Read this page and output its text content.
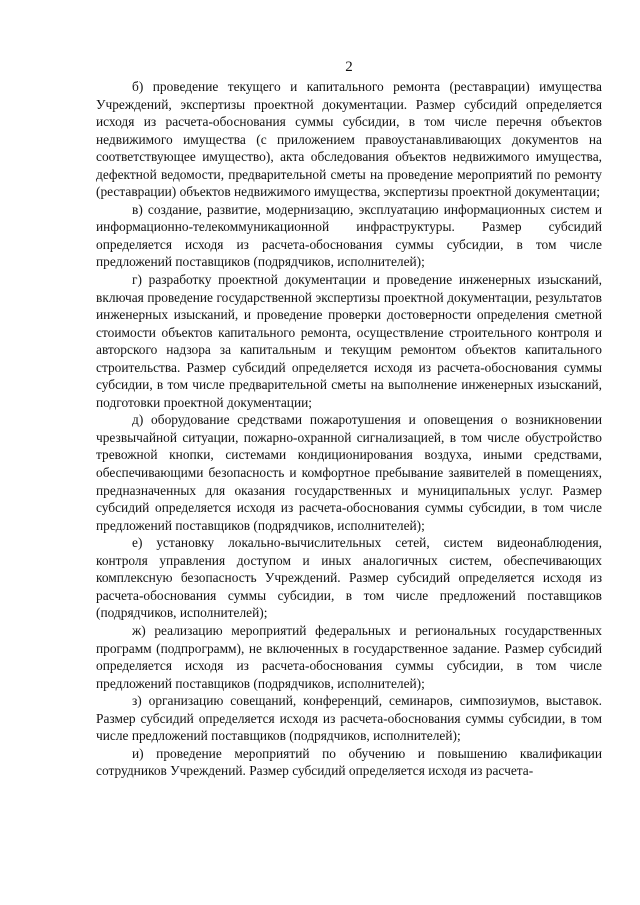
2

б) проведение текущего и капитального ремонта (реставрации) имущества Учреждений, экспертизы проектной документации. Размер субсидий определяется исходя из расчета-обоснования суммы субсидии, в том числе перечня объектов недвижимого имущества (с приложением правоустанавливающих документов на соответствующее имущество), акта обследования объектов недвижимого имущества, дефектной ведомости, предварительной сметы на проведение мероприятий по ремонту (реставрации) объектов недвижимого имущества, экспертизы проектной документации;

в) создание, развитие, модернизацию, эксплуатацию информационных систем и информационно-телекоммуникационной инфраструктуры. Размер субсидий определяется исходя из расчета-обоснования суммы субсидии, в том числе предложений поставщиков (подрядчиков, исполнителей);

г) разработку проектной документации и проведение инженерных изысканий, включая проведение государственной экспертизы проектной документации, результатов инженерных изысканий, и проведение проверки достоверности определения сметной стоимости объектов капитального ремонта, осуществление строительного контроля и авторского надзора за капитальным и текущим ремонтом объектов капитального строительства. Размер субсидий определяется исходя из расчета-обоснования суммы субсидии, в том числе предварительной сметы на выполнение инженерных изысканий, подготовки проектной документации;

д) оборудование средствами пожаротушения и оповещения о возникновении чрезвычайной ситуации, пожарно-охранной сигнализацией, в том числе обустройство тревожной кнопки, системами кондиционирования воздуха, иными средствами, обеспечивающими безопасность и комфортное пребывание заявителей в помещениях, предназначенных для оказания государственных и муниципальных услуг. Размер субсидий определяется исходя из расчета-обоснования суммы субсидии, в том числе предложений поставщиков (подрядчиков, исполнителей);

е) установку локально-вычислительных сетей, систем видеонаблюдения, контроля управления доступом и иных аналогичных систем, обеспечивающих комплексную безопасность Учреждений. Размер субсидий определяется исходя из расчета-обоснования суммы субсидии, в том числе предложений поставщиков (подрядчиков, исполнителей);

ж) реализацию мероприятий федеральных и региональных государственных программ (подпрограмм), не включенных в государственное задание. Размер субсидий определяется исходя из расчета-обоснования суммы субсидии, в том числе предложений поставщиков (подрядчиков, исполнителей);

з) организацию совещаний, конференций, семинаров, симпозиумов, выставок. Размер субсидий определяется исходя из расчета-обоснования суммы субсидии, в том числе предложений поставщиков (подрядчиков, исполнителей);

и) проведение мероприятий по обучению и повышению квалификации сотрудников Учреждений. Размер субсидий определяется исходя из расчета-
